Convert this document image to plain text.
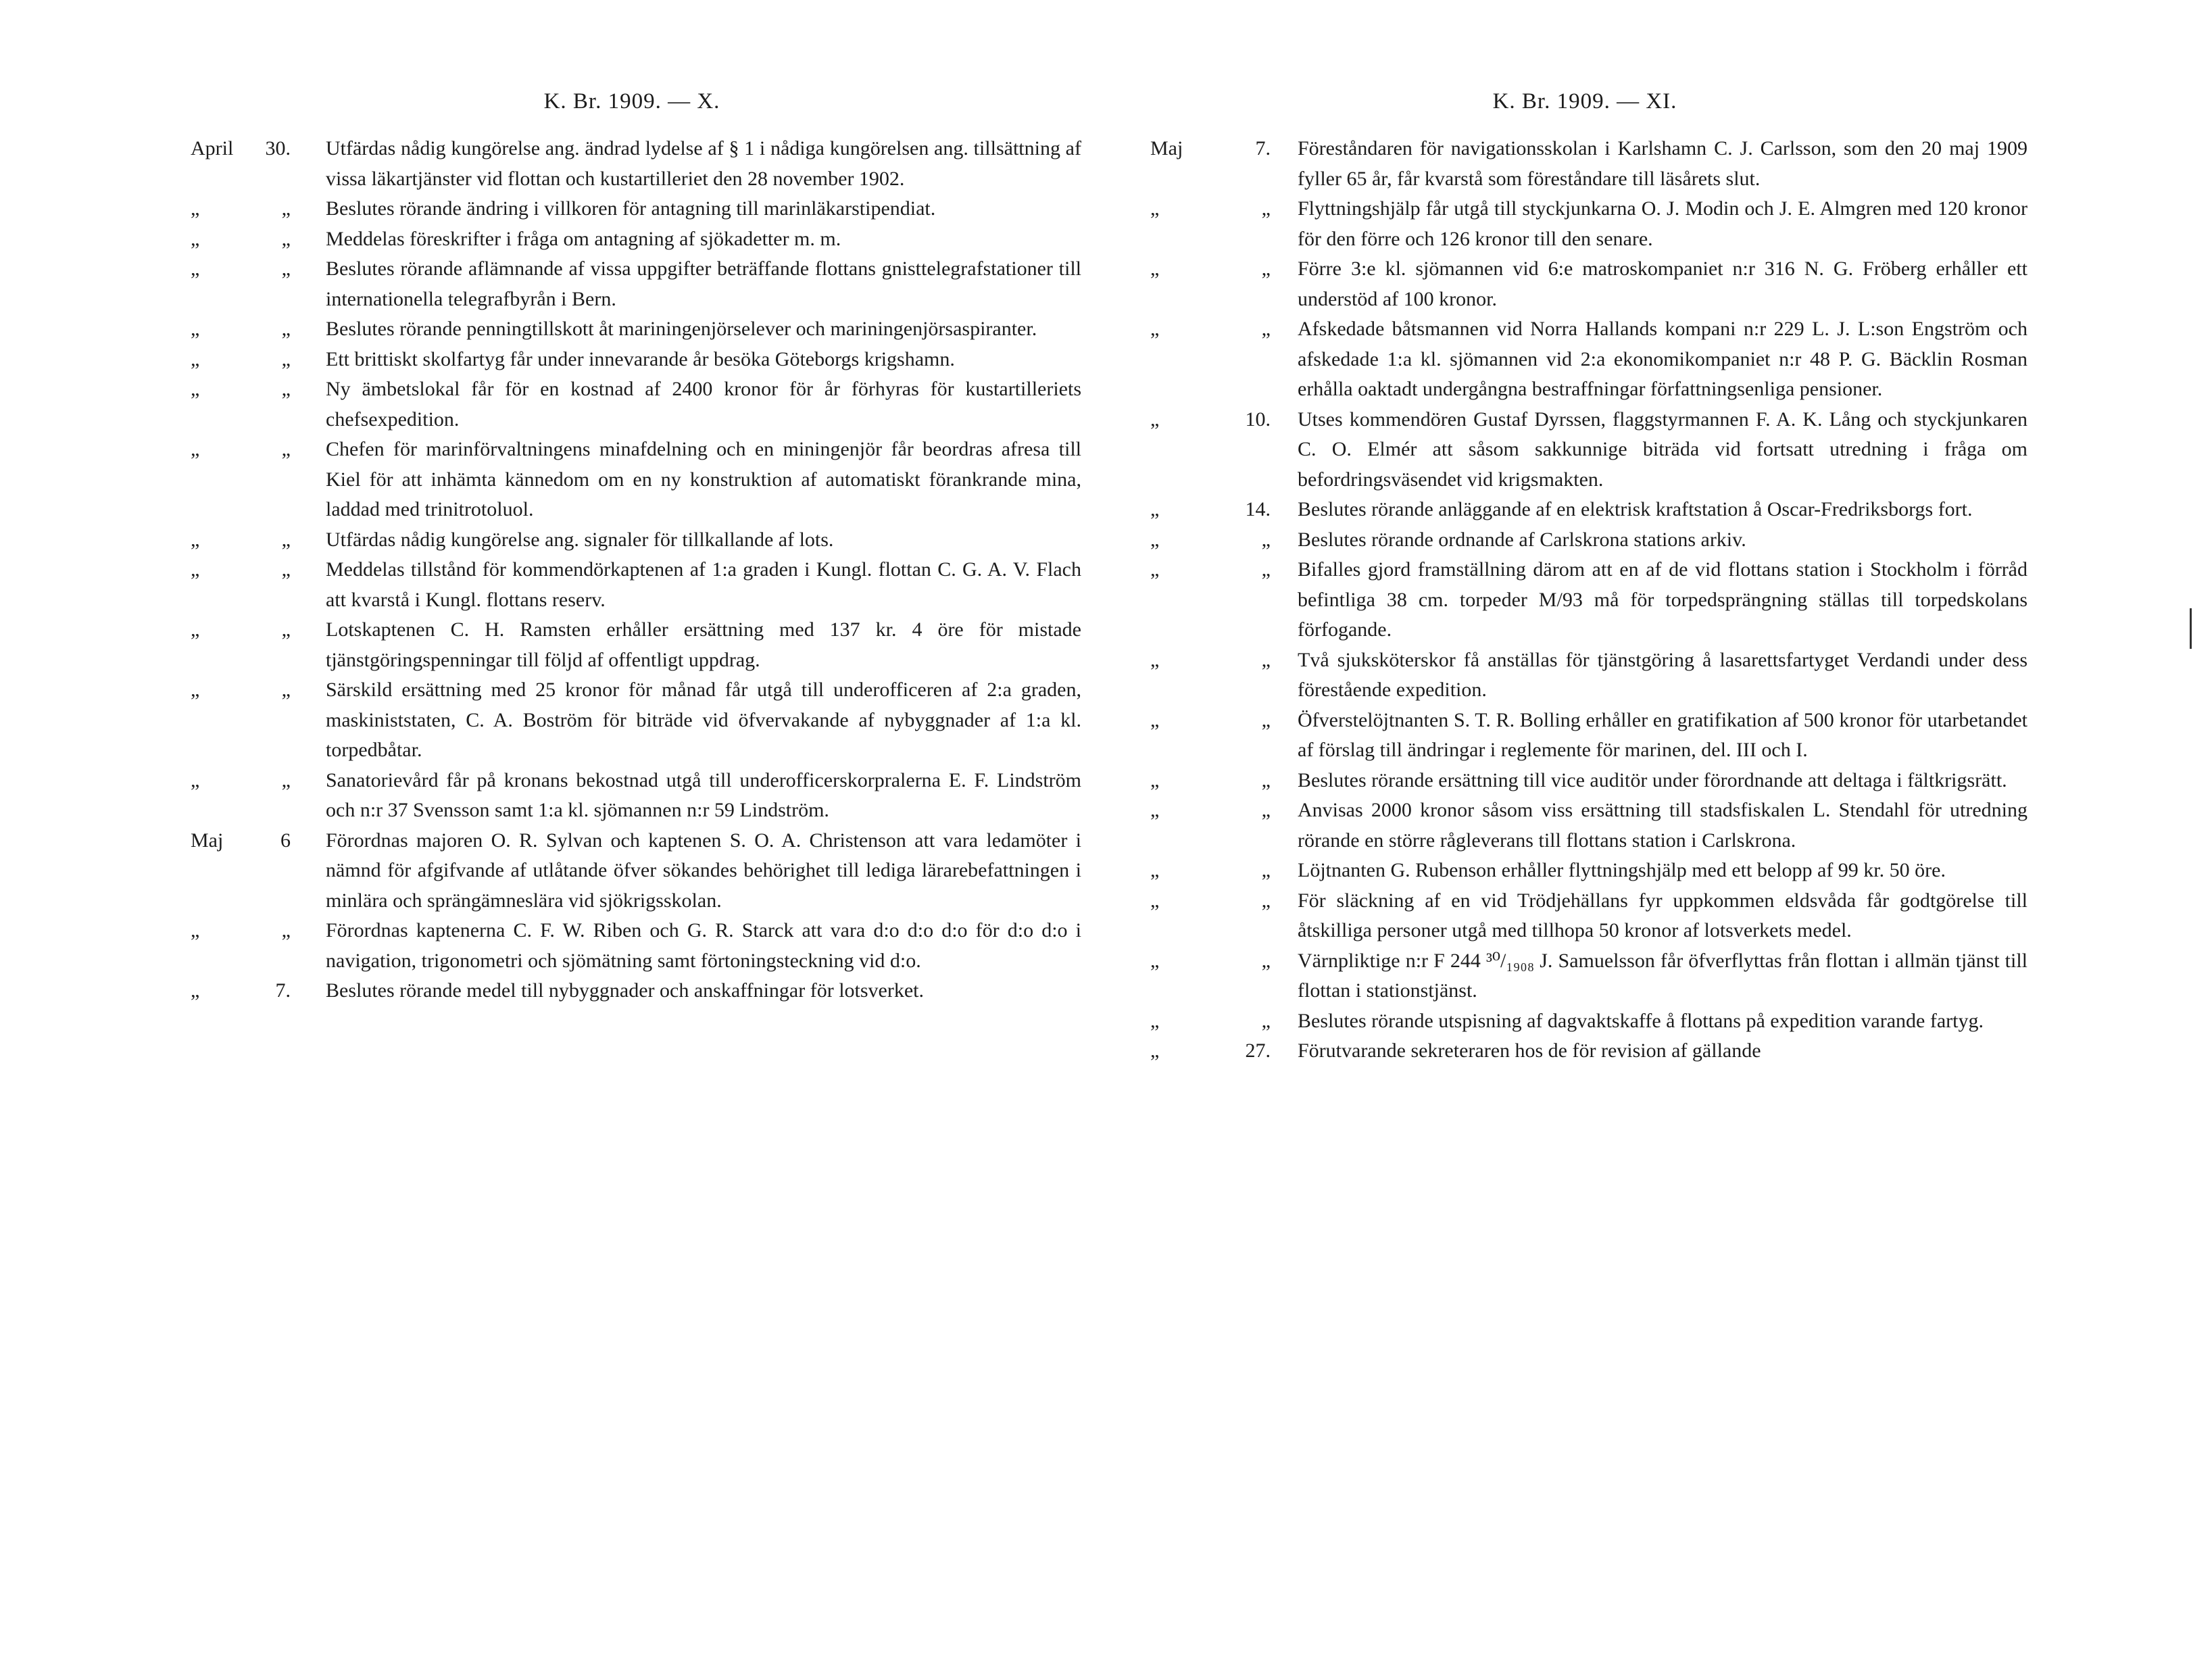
K. Br. 1909. — X.
April	30.	Utfärdas nådig kungörelse ang. ändrad lydelse af § 1 i nådiga kungörelsen ang. tillsättning af vissa läkartjänster vid flottan och kustartilleriet den 28 november 1902.
„	„	Beslutes rörande ändring i villkoren för antagning till marinläkarstipendiat.
„	„	Meddelas föreskrifter i fråga om antagning af sjökadetter m. m.
„	„	Beslutes rörande aflämnande af vissa uppgifter beträffande flottans gnisttelegrafstationer till internationella telegrafbyrån i Bern.
„	„	Beslutes rörande penningtillskott åt mariningenjörselever och mariningenjörsaspiranter.
„	„	Ett brittiskt skolfartyg får under innevarande år besöka Göteborgs krigshamn.
„	„	Ny ämbetslokal får för en kostnad af 2400 kronor för år förhyras för kustartilleriets chefsexpedition.
„	„	Chefen för marinförvaltningens minafdelning och en miningenjör får beordras afresa till Kiel för att inhämta kännedom om en ny konstruktion af automatiskt förankrande mina, laddad med trinitrotoluol.
„	„	Utfärdas nådig kungörelse ang. signaler för tillkallande af lots.
„	„	Meddelas tillstånd för kommendörkaptenen af 1:a graden i Kungl. flottan C. G. A. V. Flach att kvarstå i Kungl. flottans reserv.
„	„	Lotskaptenen C. H. Ramsten erhåller ersättning med 137 kr. 4 öre för mistade tjänstgöringspenningar till följd af offentligt uppdrag.
„	„	Särskild ersättning med 25 kronor för månad får utgå till underofficeren af 2:a graden, maskiniststaten, C. A. Boström för biträde vid öfvervakande af nybyggnader af 1:a kl. torpedbåtar.
„	„	Sanatorievård får på kronans bekostnad utgå till underofficerskorpralerna E. F. Lindström och n:r 37 Svensson samt 1:a kl. sjömannen n:r 59 Lindström.
Maj	6	Förordnas majoren O. R. Sylvan och kaptenen S. O. A. Christenson att vara ledamöter i nämnd för afgifvande af utlåtande öfver sökandes behörighet till lediga lärarebefattningen i minlära och sprängämneslära vid sjökrigsskolan.
„	„	Förordnas kaptenerna C. F. W. Riben och G. R. Starck att vara d:o d:o d:o för d:o d:o i navigation, trigonometri och sjömätning samt förtoningsteckning vid d:o.
„	7.	Beslutes rörande medel till nybyggnader och anskaffningar för lotsverket.
K. Br. 1909. — XI.
Maj	7.	Föreståndaren för navigationsskolan i Karlshamn C. J. Carlsson, som den 20 maj 1909 fyller 65 år, får kvarstå som föreståndare till läsårets slut.
„	„	Flyttningshjälp får utgå till styckjunkarna O. J. Modin och J. E. Almgren med 120 kronor för den förre och 126 kronor till den senare.
„	„	Förre 3:e kl. sjömannen vid 6:e matroskompaniet n:r 316 N. G. Fröberg erhåller ett understöd af 100 kronor.
„	„	Afskedade båtsmannen vid Norra Hallands kompani n:r 229 L. J. L:son Engström och afskedade 1:a kl. sjömannen vid 2:a ekonomikompaniet n:r 48 P. G. Bäcklin Rosman erhålla oaktadt undergångna bestraffningar författningsenliga pensioner.
„	10.	Utses kommendören Gustaf Dyrssen, flaggstyrmannen F. A. K. Lång och styckjunkaren C. O. Elmér att såsom sakkunnige biträda vid fortsatt utredning i fråga om befordringsväsendet vid krigsmakten.
„	14.	Beslutes rörande anläggande af en elektrisk kraftstation å Oscar-Fredriksborgs fort.
„	„	Beslutes rörande ordnande af Carlskrona stations arkiv.
„	„	Bifalles gjord framställning därom att en af de vid flottans station i Stockholm i förråd befintliga 38 cm. torpeder M/93 må för torpedsprängning ställas till torpedskolans förfogande.
„	„	Två sjuksköterskor få anställas för tjänstgöring å lasarettsfartyget Verdandi under dess förestående expedition.
„	„	Öfverstelöjtnanten S. T. R. Bolling erhåller en gratifikation af 500 kronor för utarbetandet af förslag till ändringar i reglemente för marinen, del. III och I.
„	„	Beslutes rörande ersättning till vice auditör under förordnande att deltaga i fältkrigsrätt.
„	„	Anvisas 2000 kronor såsom viss ersättning till stadsfiskalen L. Stendahl för utredning rörande en större rågleverans till flottans station i Carlskrona.
„	„	Löjtnanten G. Rubenson erhåller flyttningshjälp med ett belopp af 99 kr. 50 öre.
„	„	För släckning af en vid Trödjehällans fyr uppkommen eldsvåda får godtgörelse till åtskilliga personer utgå med tillhopa 50 kronor af lotsverkets medel.
„	„	Värnpliktige n:r F 244 ³⁰/₁₉₀₈ J. Samuelsson får öfverflyttas från flottan i allmän tjänst till flottan i stationstjänst.
„	„	Beslutes rörande utspisning af dagvaktskaffe å flottans på expedition varande fartyg.
„	27.	Förutvarande sekreteraren hos de för revision af gällande
